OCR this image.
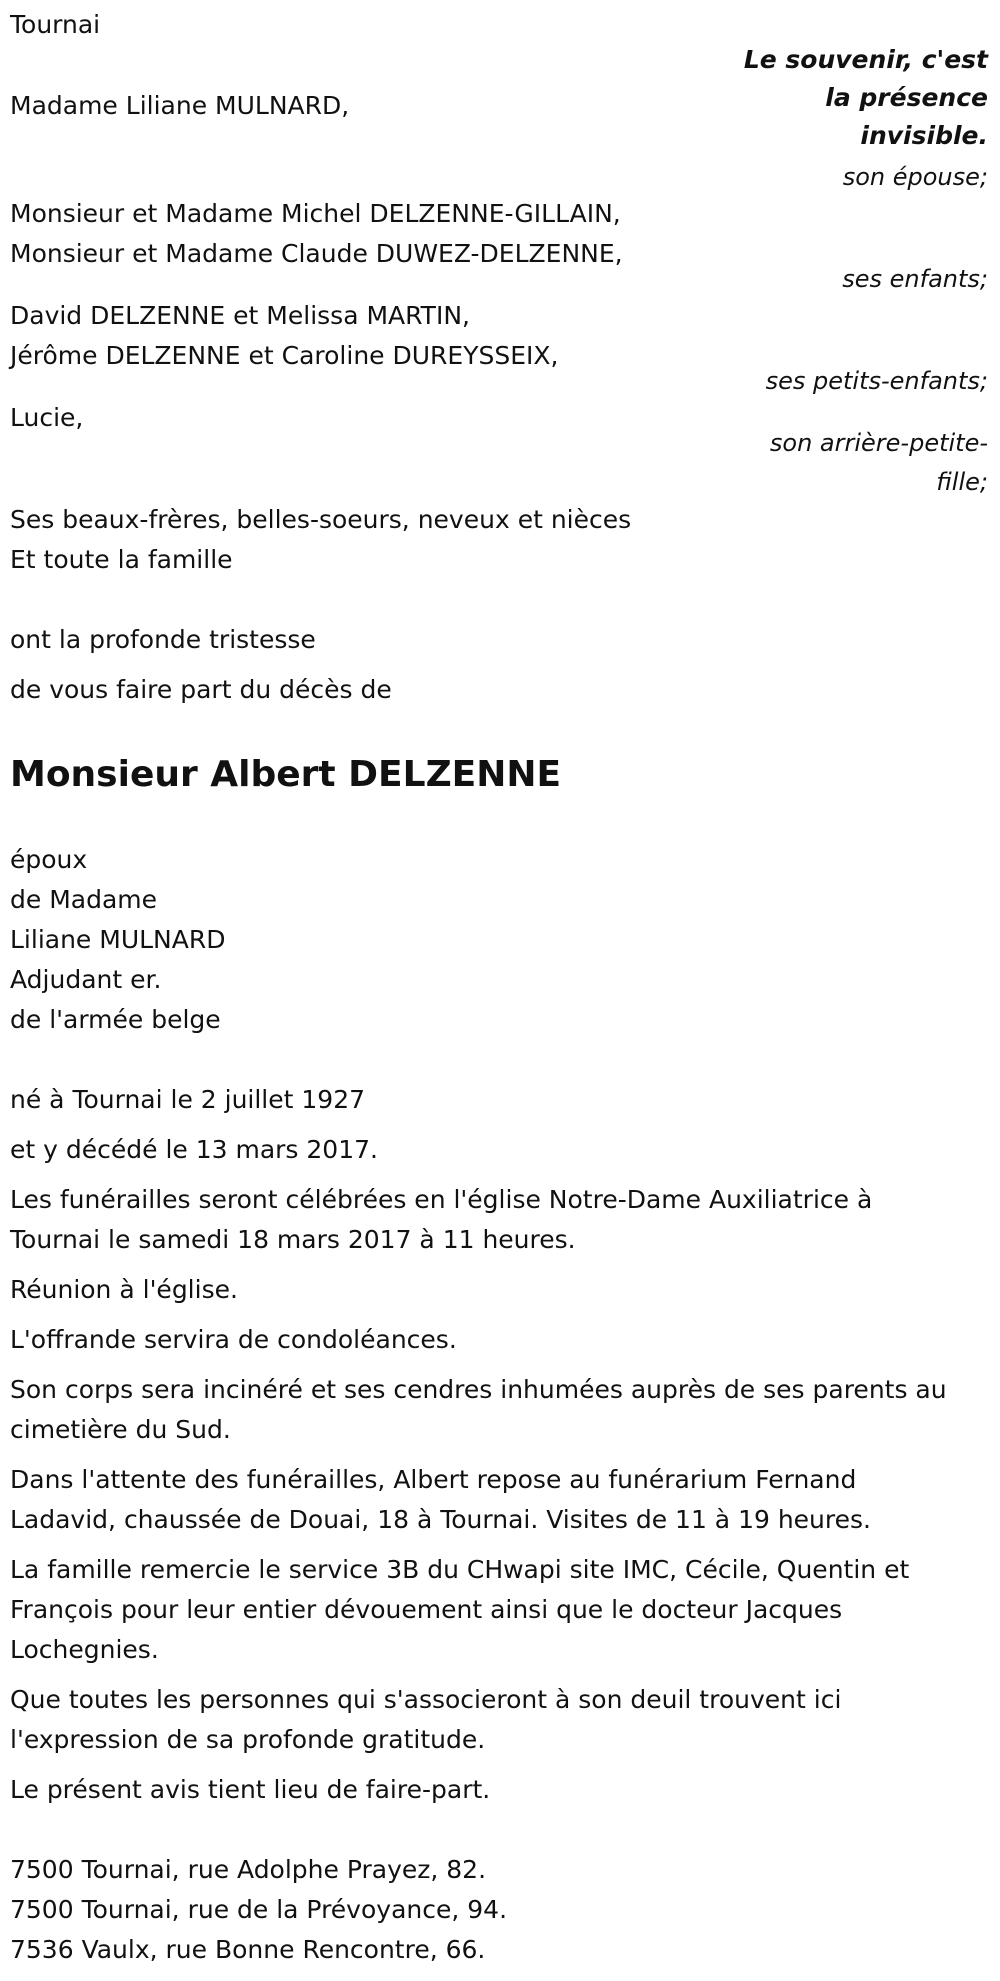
Tournai
Le souvenir, c'est
la présence
invisible.
Madame Liliane MULNARD,
son épouse;
Monsieur et Madame Michel DELZENNE-GILLAIN,
Monsieur et Madame Claude DUWEZ-DELZENNE,
ses enfants;
David DELZENNE et Melissa MARTIN,
Jérôme DELZENNE et Caroline DUREYSSEIX,
ses petits-enfants;
Lucie,
son arrière-petite-
fille;
Ses beaux-frères, belles-soeurs, neveux et nièces
Et toute la famille
ont la profonde tristesse
de vous faire part du décès de
Monsieur Albert DELZENNE
époux
de Madame
Liliane MULNARD
Adjudant er.
de l'armée belge
né à Tournai le 2 juillet 1927
et y décédé le 13 mars 2017.
Les funérailles seront célébrées en l'église Notre-Dame Auxiliatrice à Tournai le samedi 18 mars 2017 à 11 heures.
Réunion à l'église.
L'offrande servira de condoléances.
Son corps sera incinéré et ses cendres inhumées auprès de ses parents au cimetière du Sud.
Dans l'attente des funérailles, Albert repose au funérarium Fernand Ladavid, chaussée de Douai, 18 à Tournai. Visites de 11 à 19 heures.
La famille remercie le service 3B du CHwapi site IMC, Cécile, Quentin et François pour leur entier dévouement ainsi que le docteur Jacques Lochegnies.
Que toutes les personnes qui s'associeront à son deuil trouvent ici l'expression de sa profonde gratitude.
Le présent avis tient lieu de faire-part.
7500 Tournai, rue Adolphe Prayez, 82.
7500 Tournai, rue de la Prévoyance, 94.
7536 Vaulx, rue Bonne Rencontre, 66.
